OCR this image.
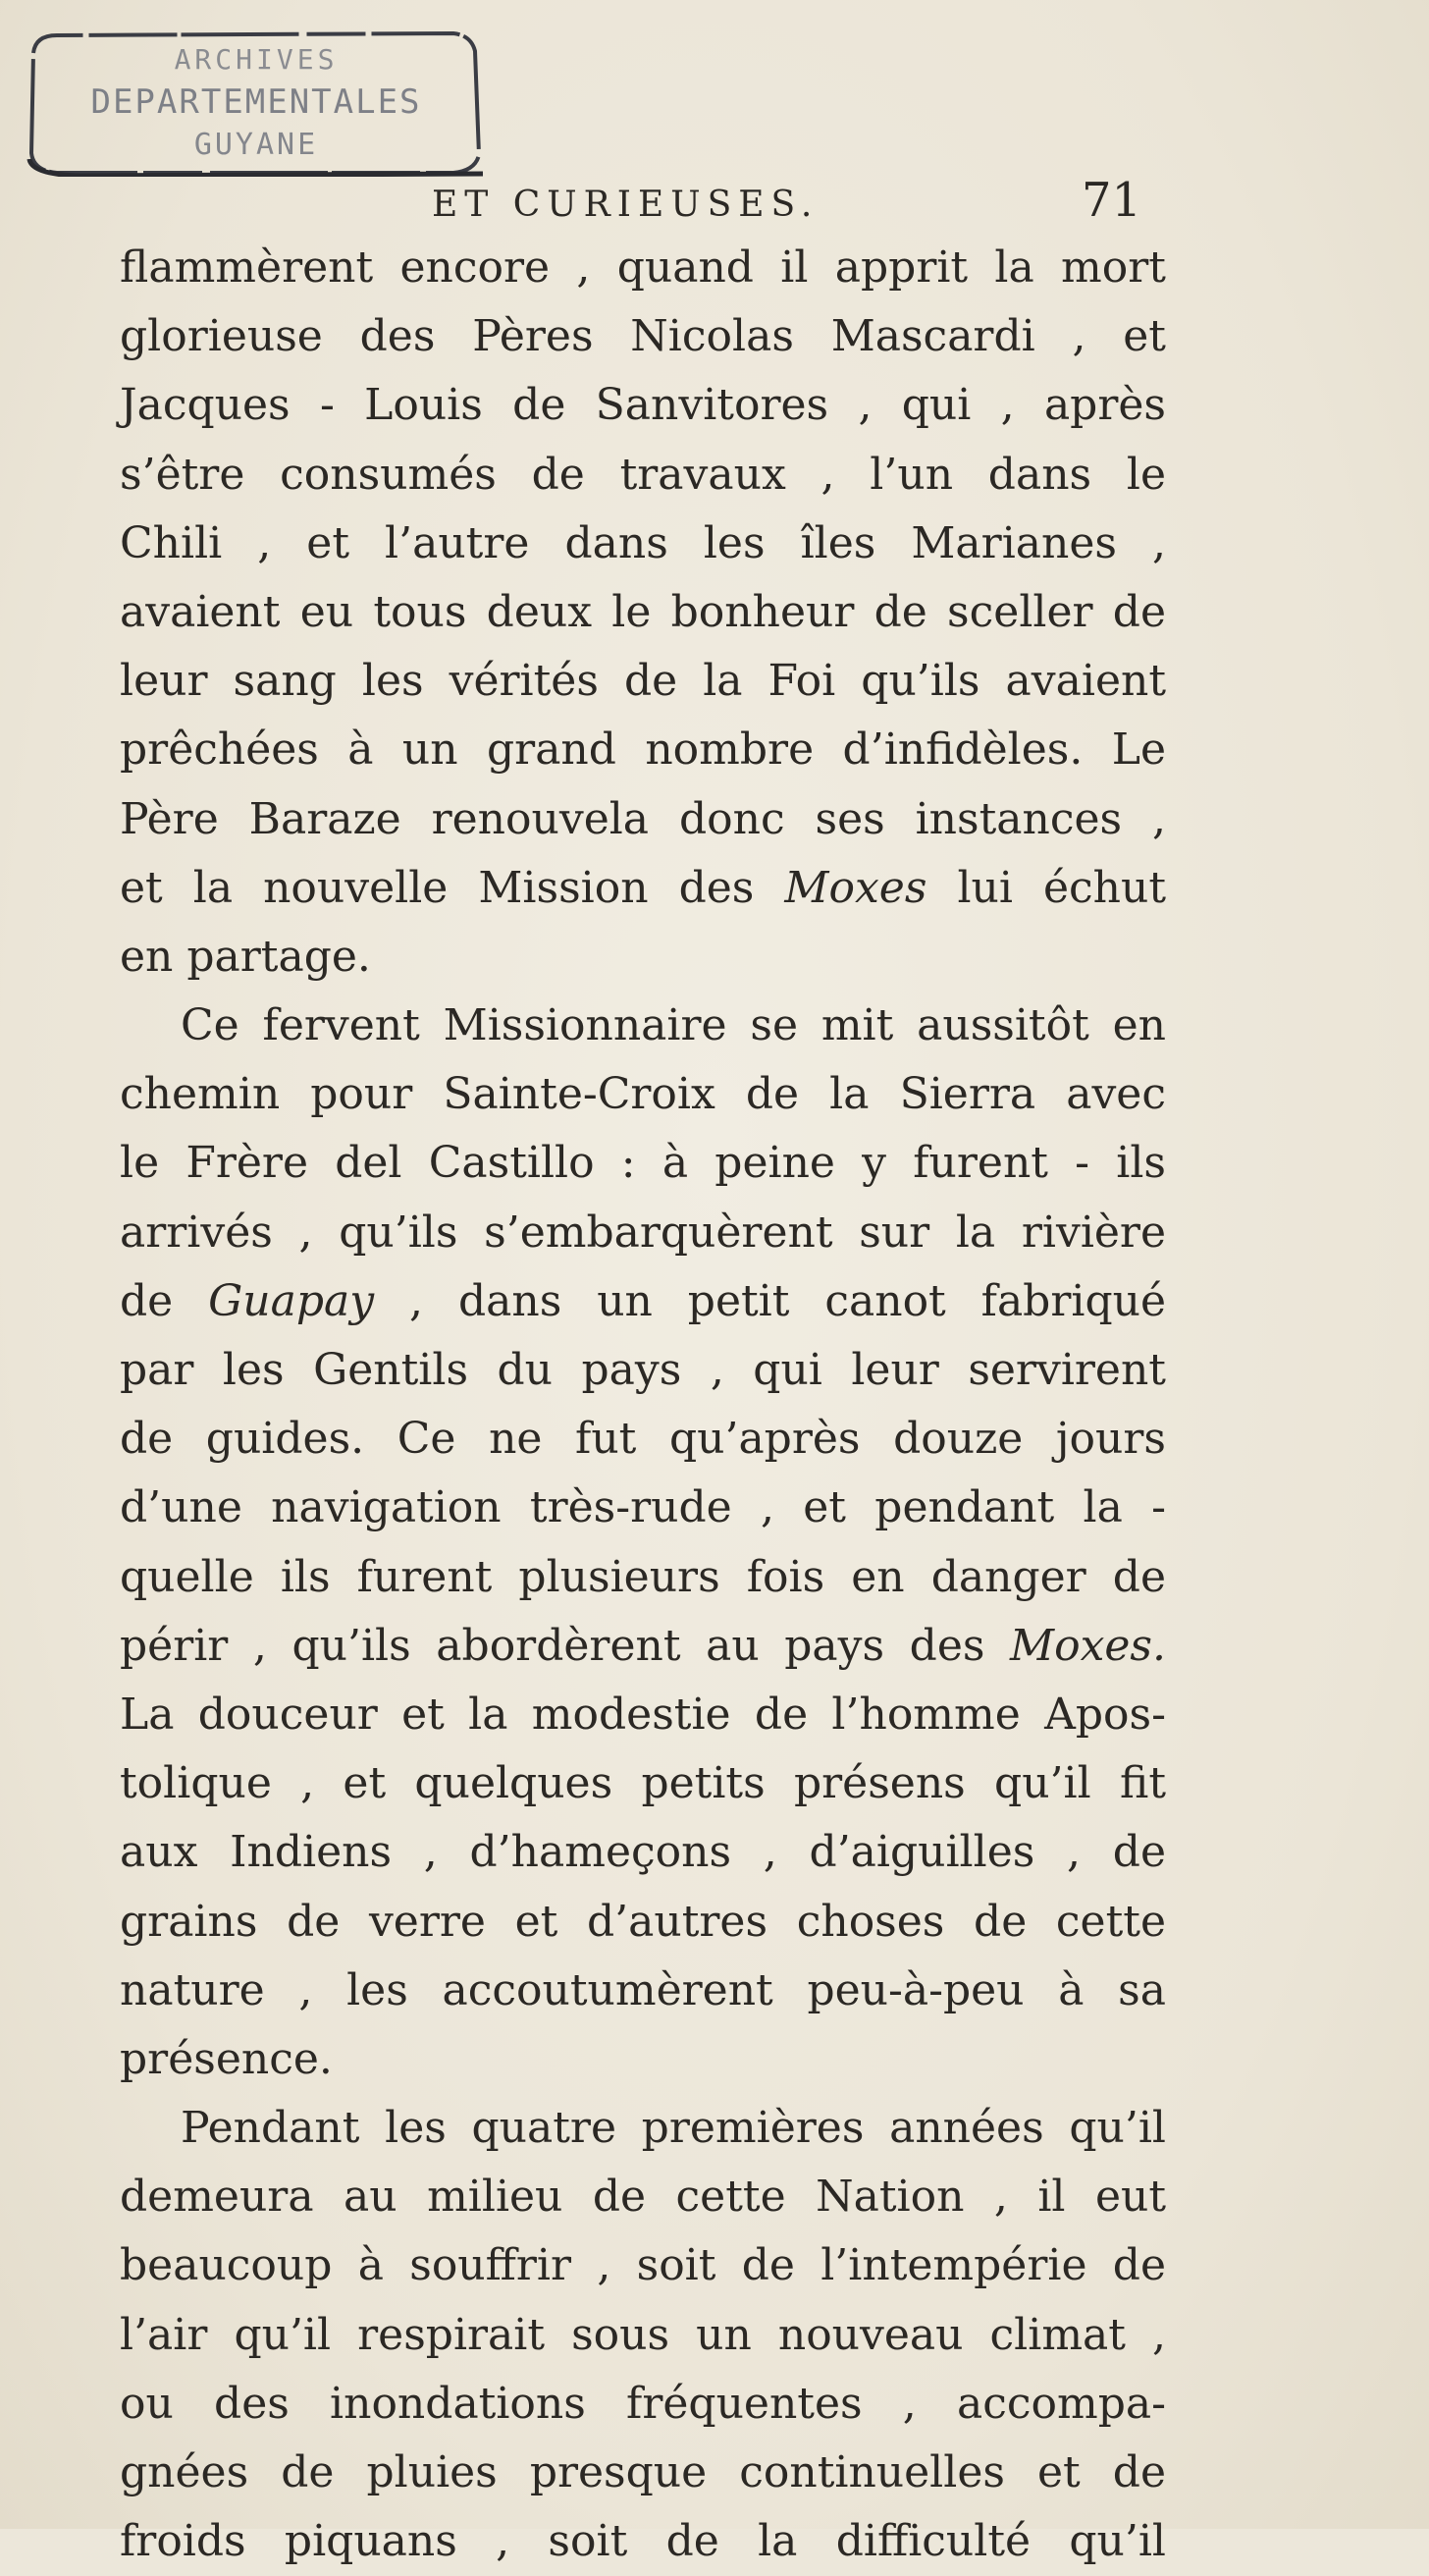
ARCHIVES
DEPARTEMENTALES
GUYANE
ET CURIEUSES.	71
flammèrent encore , quand il apprit la mort
glorieuse des Pères Nicolas Mascardi , et
Jacques - Louis de Sanvitores , qui , après
s’être consumés de travaux , l’un dans le
Chili , et l’autre dans les îles Marianes ,
avaient eu tous deux le bonheur de sceller de
leur sang les vérités de la Foi qu’ils avaient
prêchées à un grand nombre d’infidèles. Le
Père Baraze renouvela donc ses instances ,
et la nouvelle Mission des Moxes lui échut
en partage.
Ce fervent Missionnaire se mit aussitôt en
chemin pour Sainte-Croix de la Sierra avec
le Frère del Castillo : à peine y furent - ils
arrivés , qu’ils s’embarquèrent sur la rivière
de Guapay , dans un petit canot fabriqué
par les Gentils du pays , qui leur servirent
de guides. Ce ne fut qu’après douze jours
d’une navigation très-rude , et pendant la -
quelle ils furent plusieurs fois en danger de
périr , qu’ils abordèrent au pays des Moxes.
La douceur et la modestie de l’homme Apos-
tolique , et quelques petits présens qu’il fit
aux Indiens , d’hameçons , d’aiguilles , de
grains de verre et d’autres choses de cette
nature , les accoutumèrent peu-à-peu à sa
présence.
Pendant les quatre premières années qu’il
demeura au milieu de cette Nation , il eut
beaucoup à souffrir , soit de l’intempérie de
l’air qu’il respirait sous un nouveau climat ,
ou des inondations fréquentes , accompa-
gnées de pluies presque continuelles et de
froids piquans , soit de la difficulté qu’il
